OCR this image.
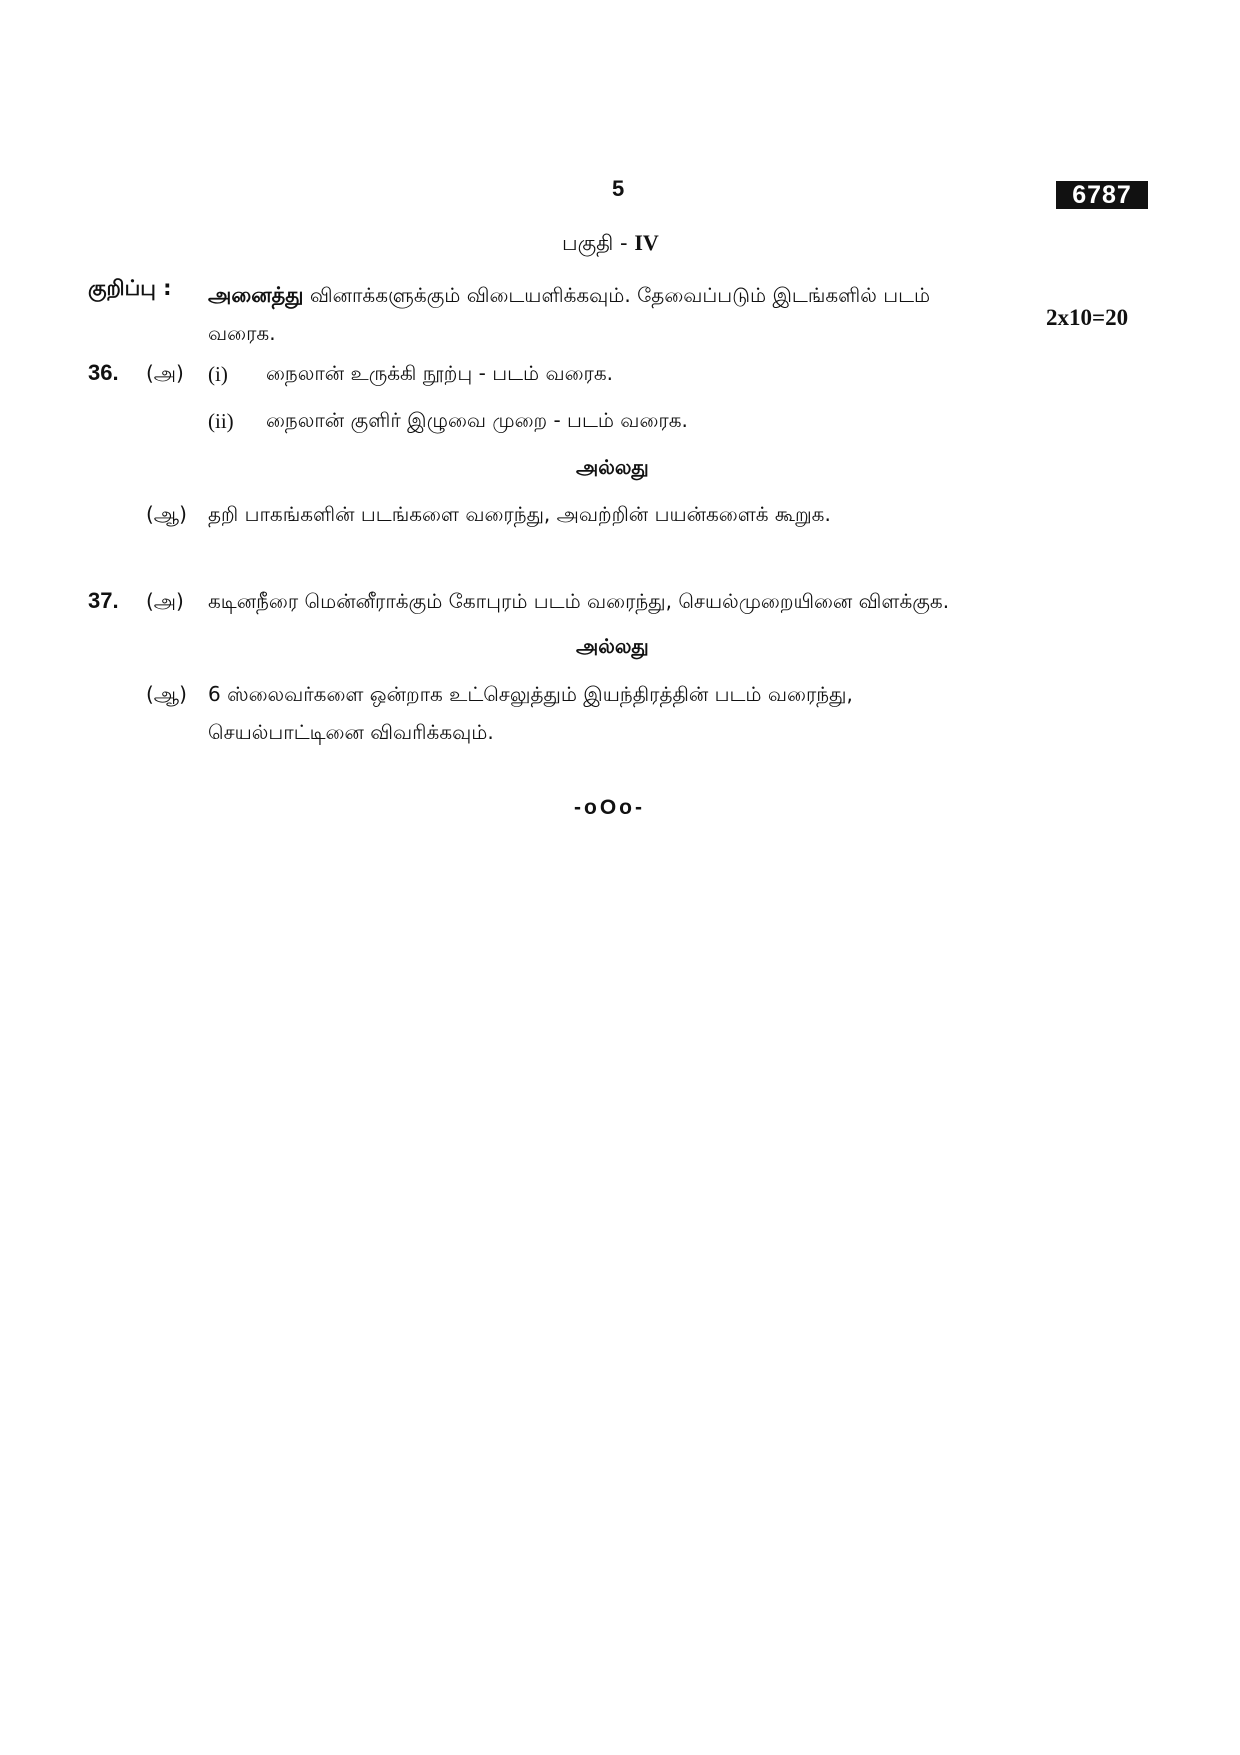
5	6787
பகுதி - IV
குறிப்பு : அனைத்து வினாக்களுக்கும் விடையளிக்கவும். தேவைப்படும் இடங்களில் படம்
வரைக.
2x10=20
36. (அ) (i) நைலான் உருக்கி நூற்பு - படம் வரைக.
(ii) நைலான் குளிர் இழுவை முறை - படம் வரைக.
அல்லது
(ஆ) தறி பாகங்களின் படங்களை வரைந்து, அவற்றின் பயன்களைக் கூறுக.
37. (அ) கடினநீரை மென்னீராக்கும் கோபுரம் படம் வரைந்து, செயல்முறையினை விளக்குக.
அல்லது
(ஆ) 6 ஸ்லைவர்களை ஒன்றாக உட்செலுத்தும் இயந்திரத்தின் படம் வரைந்து,
செயல்பாட்டினை விவரிக்கவும்.
-oOo-
